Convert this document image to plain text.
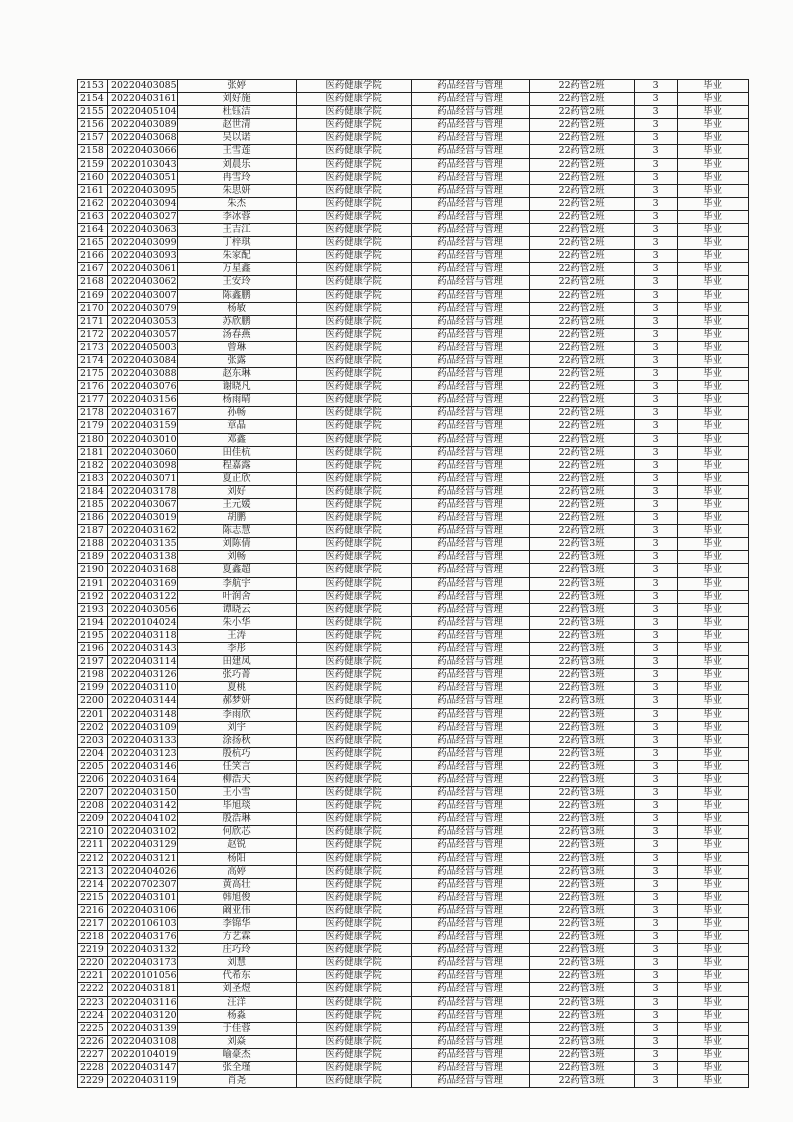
2153	20220403085	张婷	医药健康学院	药品经营与管理	22药管2班	3	毕业
2154	20220403161	刘好施	医药健康学院	药品经营与管理	22药管2班	3	毕业
2155	20220405104	杜钰洁	医药健康学院	药品经营与管理	22药管2班	3	毕业
2156	20220403089	赵世清	医药健康学院	药品经营与管理	22药管2班	3	毕业
2157	20220403068	吴以诺	医药健康学院	药品经营与管理	22药管2班	3	毕业
2158	20220403066	王雪莲	医药健康学院	药品经营与管理	22药管2班	3	毕业
2159	20220103043	刘晨乐	医药健康学院	药品经营与管理	22药管2班	3	毕业
2160	20220403051	冉雪玲	医药健康学院	药品经营与管理	22药管2班	3	毕业
2161	20220403095	朱思妍	医药健康学院	药品经营与管理	22药管2班	3	毕业
2162	20220403094	朱杰	医药健康学院	药品经营与管理	22药管2班	3	毕业
2163	20220403027	李冰蓉	医药健康学院	药品经营与管理	22药管2班	3	毕业
2164	20220403063	王吉江	医药健康学院	药品经营与管理	22药管2班	3	毕业
2165	20220403099	丁梓琪	医药健康学院	药品经营与管理	22药管2班	3	毕业
2166	20220403093	朱家配	医药健康学院	药品经营与管理	22药管2班	3	毕业
2167	20220403061	万星鑫	医药健康学院	药品经营与管理	22药管2班	3	毕业
2168	20220403062	王安玲	医药健康学院	药品经营与管理	22药管2班	3	毕业
2169	20220403007	陈鑫鹏	医药健康学院	药品经营与管理	22药管2班	3	毕业
2170	20220403079	杨敏	医药健康学院	药品经营与管理	22药管2班	3	毕业
2171	20220403053	苏欣鹏	医药健康学院	药品经营与管理	22药管2班	3	毕业
2172	20220403057	汤春燕	医药健康学院	药品经营与管理	22药管2班	3	毕业
2173	20220405003	曾琳	医药健康学院	药品经营与管理	22药管2班	3	毕业
2174	20220403084	张露	医药健康学院	药品经营与管理	22药管2班	3	毕业
2175	20220403088	赵东琳	医药健康学院	药品经营与管理	22药管2班	3	毕业
2176	20220403076	谢晓凡	医药健康学院	药品经营与管理	22药管2班	3	毕业
2177	20220403156	杨雨晴	医药健康学院	药品经营与管理	22药管2班	3	毕业
2178	20220403167	孙畅	医药健康学院	药品经营与管理	22药管2班	3	毕业
2179	20220403159	章晶	医药健康学院	药品经营与管理	22药管2班	3	毕业
2180	20220403010	邓鑫	医药健康学院	药品经营与管理	22药管2班	3	毕业
2181	20220403060	田佳杭	医药健康学院	药品经营与管理	22药管2班	3	毕业
2182	20220403098	程嘉露	医药健康学院	药品经营与管理	22药管2班	3	毕业
2183	20220403071	夏正欣	医药健康学院	药品经营与管理	22药管2班	3	毕业
2184	20220403178	刘好	医药健康学院	药品经营与管理	22药管2班	3	毕业
2185	20220403067	王元媛	医药健康学院	药品经营与管理	22药管2班	3	毕业
2186	20220403019	胡鹏	医药健康学院	药品经营与管理	22药管2班	3	毕业
2187	20220403162	陈志慧	医药健康学院	药品经营与管理	22药管2班	3	毕业
2188	20220403135	刘陈倩	医药健康学院	药品经营与管理	22药管3班	3	毕业
2189	20220403138	刘畅	医药健康学院	药品经营与管理	22药管3班	3	毕业
2190	20220403168	夏鑫超	医药健康学院	药品经营与管理	22药管3班	3	毕业
2191	20220403169	李航宇	医药健康学院	药品经营与管理	22药管3班	3	毕业
2192	20220403122	叶润舍	医药健康学院	药品经营与管理	22药管3班	3	毕业
2193	20220403056	谭晓云	医药健康学院	药品经营与管理	22药管3班	3	毕业
2194	20220104024	朱小华	医药健康学院	药品经营与管理	22药管3班	3	毕业
2195	20220403118	王涛	医药健康学院	药品经营与管理	22药管3班	3	毕业
2196	20220403143	李彤	医药健康学院	药品经营与管理	22药管3班	3	毕业
2197	20220403114	田建凤	医药健康学院	药品经营与管理	22药管3班	3	毕业
2198	20220403126	张巧菁	医药健康学院	药品经营与管理	22药管3班	3	毕业
2199	20220403110	夏桃	医药健康学院	药品经营与管理	22药管3班	3	毕业
2200	20220403144	郝梦妍	医药健康学院	药品经营与管理	22药管3班	3	毕业
2201	20220403148	李雨欣	医药健康学院	药品经营与管理	22药管3班	3	毕业
2202	20220403109	刘宇	医药健康学院	药品经营与管理	22药管3班	3	毕业
2203	20220403133	涂扬秋	医药健康学院	药品经营与管理	22药管3班	3	毕业
2204	20220403123	殷杭巧	医药健康学院	药品经营与管理	22药管3班	3	毕业
2205	20220403146	任笑言	医药健康学院	药品经营与管理	22药管3班	3	毕业
2206	20220403164	柳浩天	医药健康学院	药品经营与管理	22药管3班	3	毕业
2207	20220403150	王小雪	医药健康学院	药品经营与管理	22药管3班	3	毕业
2208	20220403142	毕旭琰	医药健康学院	药品经营与管理	22药管3班	3	毕业
2209	20220404102	殷浩琳	医药健康学院	药品经营与管理	22药管3班	3	毕业
2210	20220403102	何欣芯	医药健康学院	药品经营与管理	22药管3班	3	毕业
2211	20220403129	赵锐	医药健康学院	药品经营与管理	22药管3班	3	毕业
2212	20220403121	杨阳	医药健康学院	药品经营与管理	22药管3班	3	毕业
2213	20220404026	高婷	医药健康学院	药品经营与管理	22药管3班	3	毕业
2214	20220702307	黄高壮	医药健康学院	药品经营与管理	22药管3班	3	毕业
2215	20220403101	韩旭俊	医药健康学院	药品经营与管理	22药管3班	3	毕业
2216	20220403106	阚亚伟	医药健康学院	药品经营与管理	22药管3班	3	毕业
2217	20220106103	李锦华	医药健康学院	药品经营与管理	22药管3班	3	毕业
2218	20220403176	方艺霖	医药健康学院	药品经营与管理	22药管3班	3	毕业
2219	20220403132	庄巧玲	医药健康学院	药品经营与管理	22药管3班	3	毕业
2220	20220403173	刘慧	医药健康学院	药品经营与管理	22药管3班	3	毕业
2221	20220101056	代希东	医药健康学院	药品经营与管理	22药管3班	3	毕业
2222	20220403181	刘圣煜	医药健康学院	药品经营与管理	22药管3班	3	毕业
2223	20220403116	汪洋	医药健康学院	药品经营与管理	22药管3班	3	毕业
2224	20220403120	杨淼	医药健康学院	药品经营与管理	22药管3班	3	毕业
2225	20220403139	于佳蓉	医药健康学院	药品经营与管理	22药管3班	3	毕业
2226	20220403108	刘焱	医药健康学院	药品经营与管理	22药管3班	3	毕业
2227	20220104019	喻豪杰	医药健康学院	药品经营与管理	22药管3班	3	毕业
2228	20220403147	张全瑾	医药健康学院	药品经营与管理	22药管3班	3	毕业
2229	20220403119	肖尧	医药健康学院	药品经营与管理	22药管3班	3	毕业
